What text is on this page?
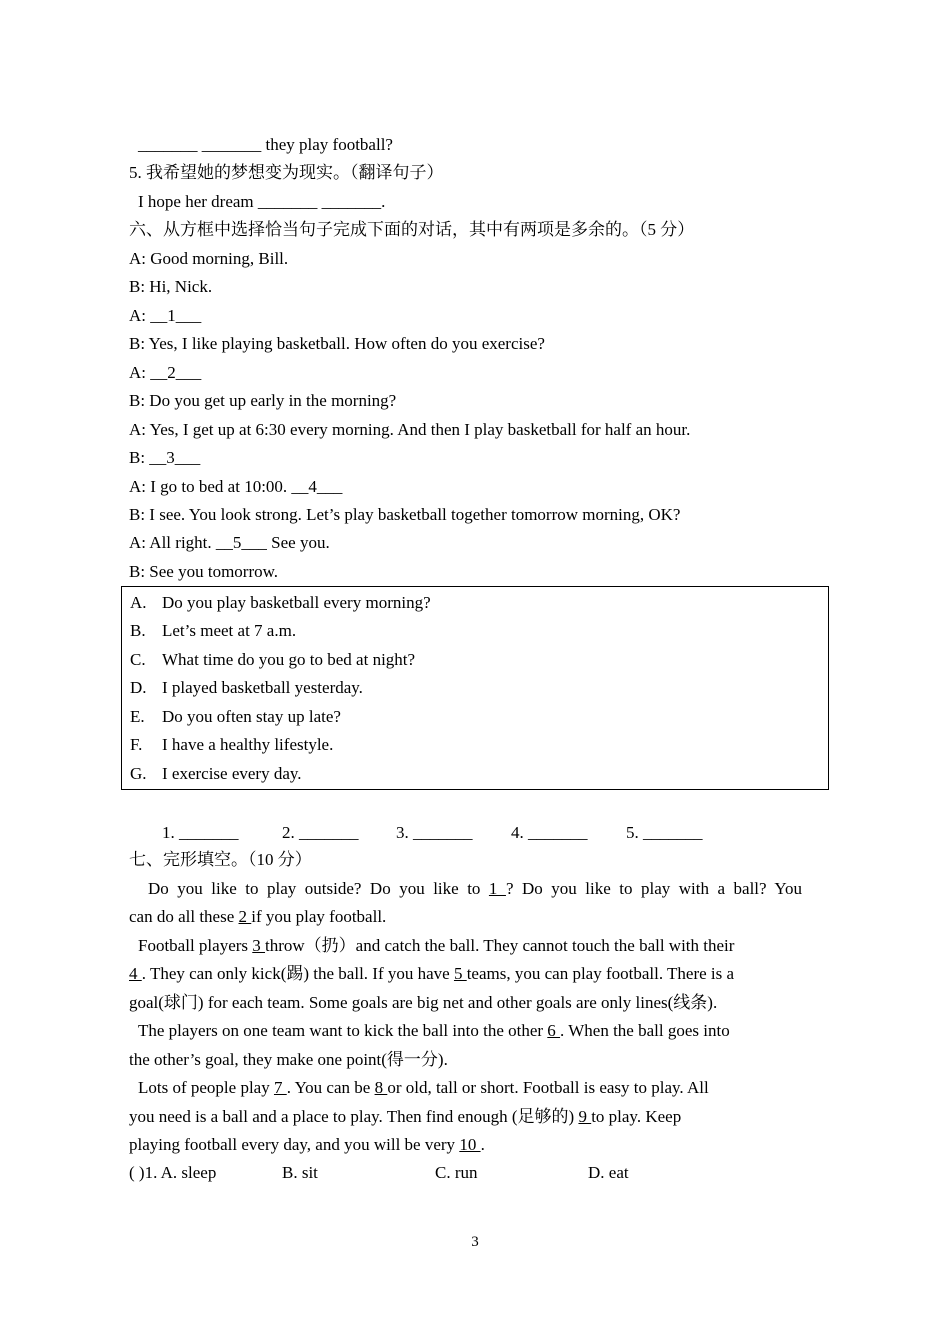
_______ _______ they play football?
5. 我希望她的梦想变为现实。（翻译句子）
I hope her dream _______ _______.
六、从方框中选择恰当句子完成下面的对话，其中有两项是多余的。（5 分）
A: Good morning, Bill.
B: Hi, Nick.
A: __1___
B: Yes, I like playing basketball. How often do you exercise?
A: __2___
B: Do you get up early in the morning?
A: Yes, I get up at 6:30 every morning. And then I play basketball for half an hour.
B: __3___
A: I go to bed at 10:00. __4___
B: I see. You look strong. Let’s play basketball together tomorrow morning, OK?
A: All right. __5___ See you.
B: See you tomorrow.
A. Do you play basketball every morning?
B. Let’s meet at 7 a.m.
C. What time do you go to bed at night?
D. I played basketball yesterday.
E. Do you often stay up late?
F. I have a healthy lifestyle.
G. I exercise every day.
1. _______	2. _______ 3. _______ 4. _______ 5. _______
七、完形填空。（10 分）
Do you like to play outside? Do you like to 1 ? Do you like to play with a ball? You
can do all these 2 if you play football.
Football players 3 throw（扔）and catch the ball. They cannot touch the ball with their
4 . They can only kick(踢) the ball. If you have 5 teams, you can play football. There is a
goal(球门) for each team. Some goals are big net and other goals are only lines(线条).
The players on one team want to kick the ball into the other 6 . When the ball goes into
the other’s goal, they make one point(得一分).
Lots of people play 7 . You can be 8 or old, tall or short. Football is easy to play. All
you need is a ball and a place to play. Then find enough (足够的) 9 to play. Keep
playing football every day, and you will be very 10 .
( )1. A. sleep	B. sit	C. run	D. eat
3
